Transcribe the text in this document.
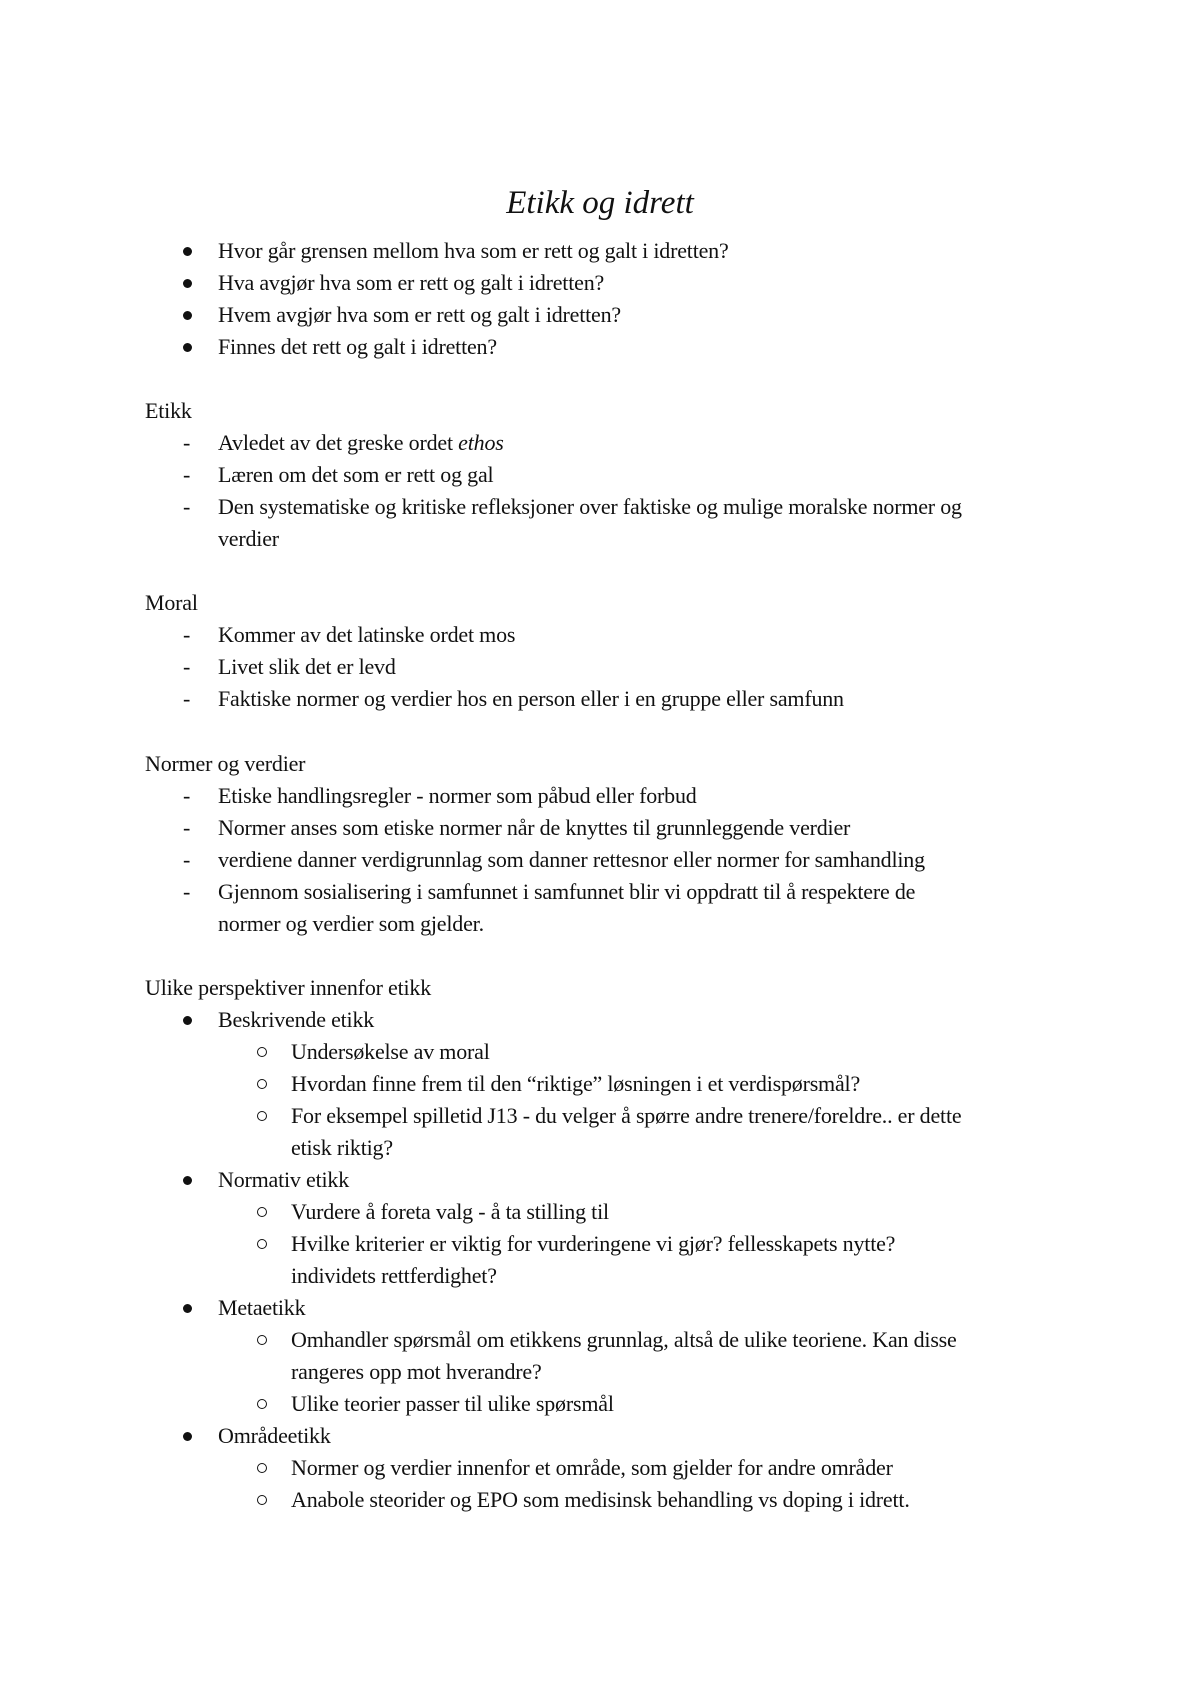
Etikk og idrett
Hvor går grensen mellom hva som er rett og galt i idretten?
Hva avgjør hva som er rett og galt i idretten?
Hvem avgjør hva som er rett og galt i idretten?
Finnes det rett og galt i idretten?
Etikk
- Avledet av det greske ordet ethos
- Læren om det som er rett og gal
- Den systematiske og kritiske refleksjoner over faktiske og mulige moralske normer og
verdier
Moral
- Kommer av det latinske ordet mos
- Livet slik det er levd
- Faktiske normer og verdier hos en person eller i en gruppe eller samfunn
Normer og verdier
- Etiske handlingsregler - normer som påbud eller forbud
- Normer anses som etiske normer når de knyttes til grunnleggende verdier
- verdiene danner verdigrunnlag som danner rettesnor eller normer for samhandling
- Gjennom sosialisering i samfunnet i samfunnet blir vi oppdratt til å respektere de
normer og verdier som gjelder.
Ulike perspektiver innenfor etikk
Beskrivende etikk
Undersøkelse av moral
Hvordan finne frem til den “riktige” løsningen i et verdispørsmål?
For eksempel spilletid J13 - du velger å spørre andre trenere/foreldre.. er dette
etisk riktig?
Normativ etikk
Vurdere å foreta valg - å ta stilling til
Hvilke kriterier er viktig for vurderingene vi gjør? fellesskapets nytte?
individets rettferdighet?
Metaetikk
Omhandler spørsmål om etikkens grunnlag, altså de ulike teoriene. Kan disse
rangeres opp mot hverandre?
Ulike teorier passer til ulike spørsmål
Områdeetikk
Normer og verdier innenfor et område, som gjelder for andre områder
Anabole steorider og EPO som medisinsk behandling vs doping i idrett.
